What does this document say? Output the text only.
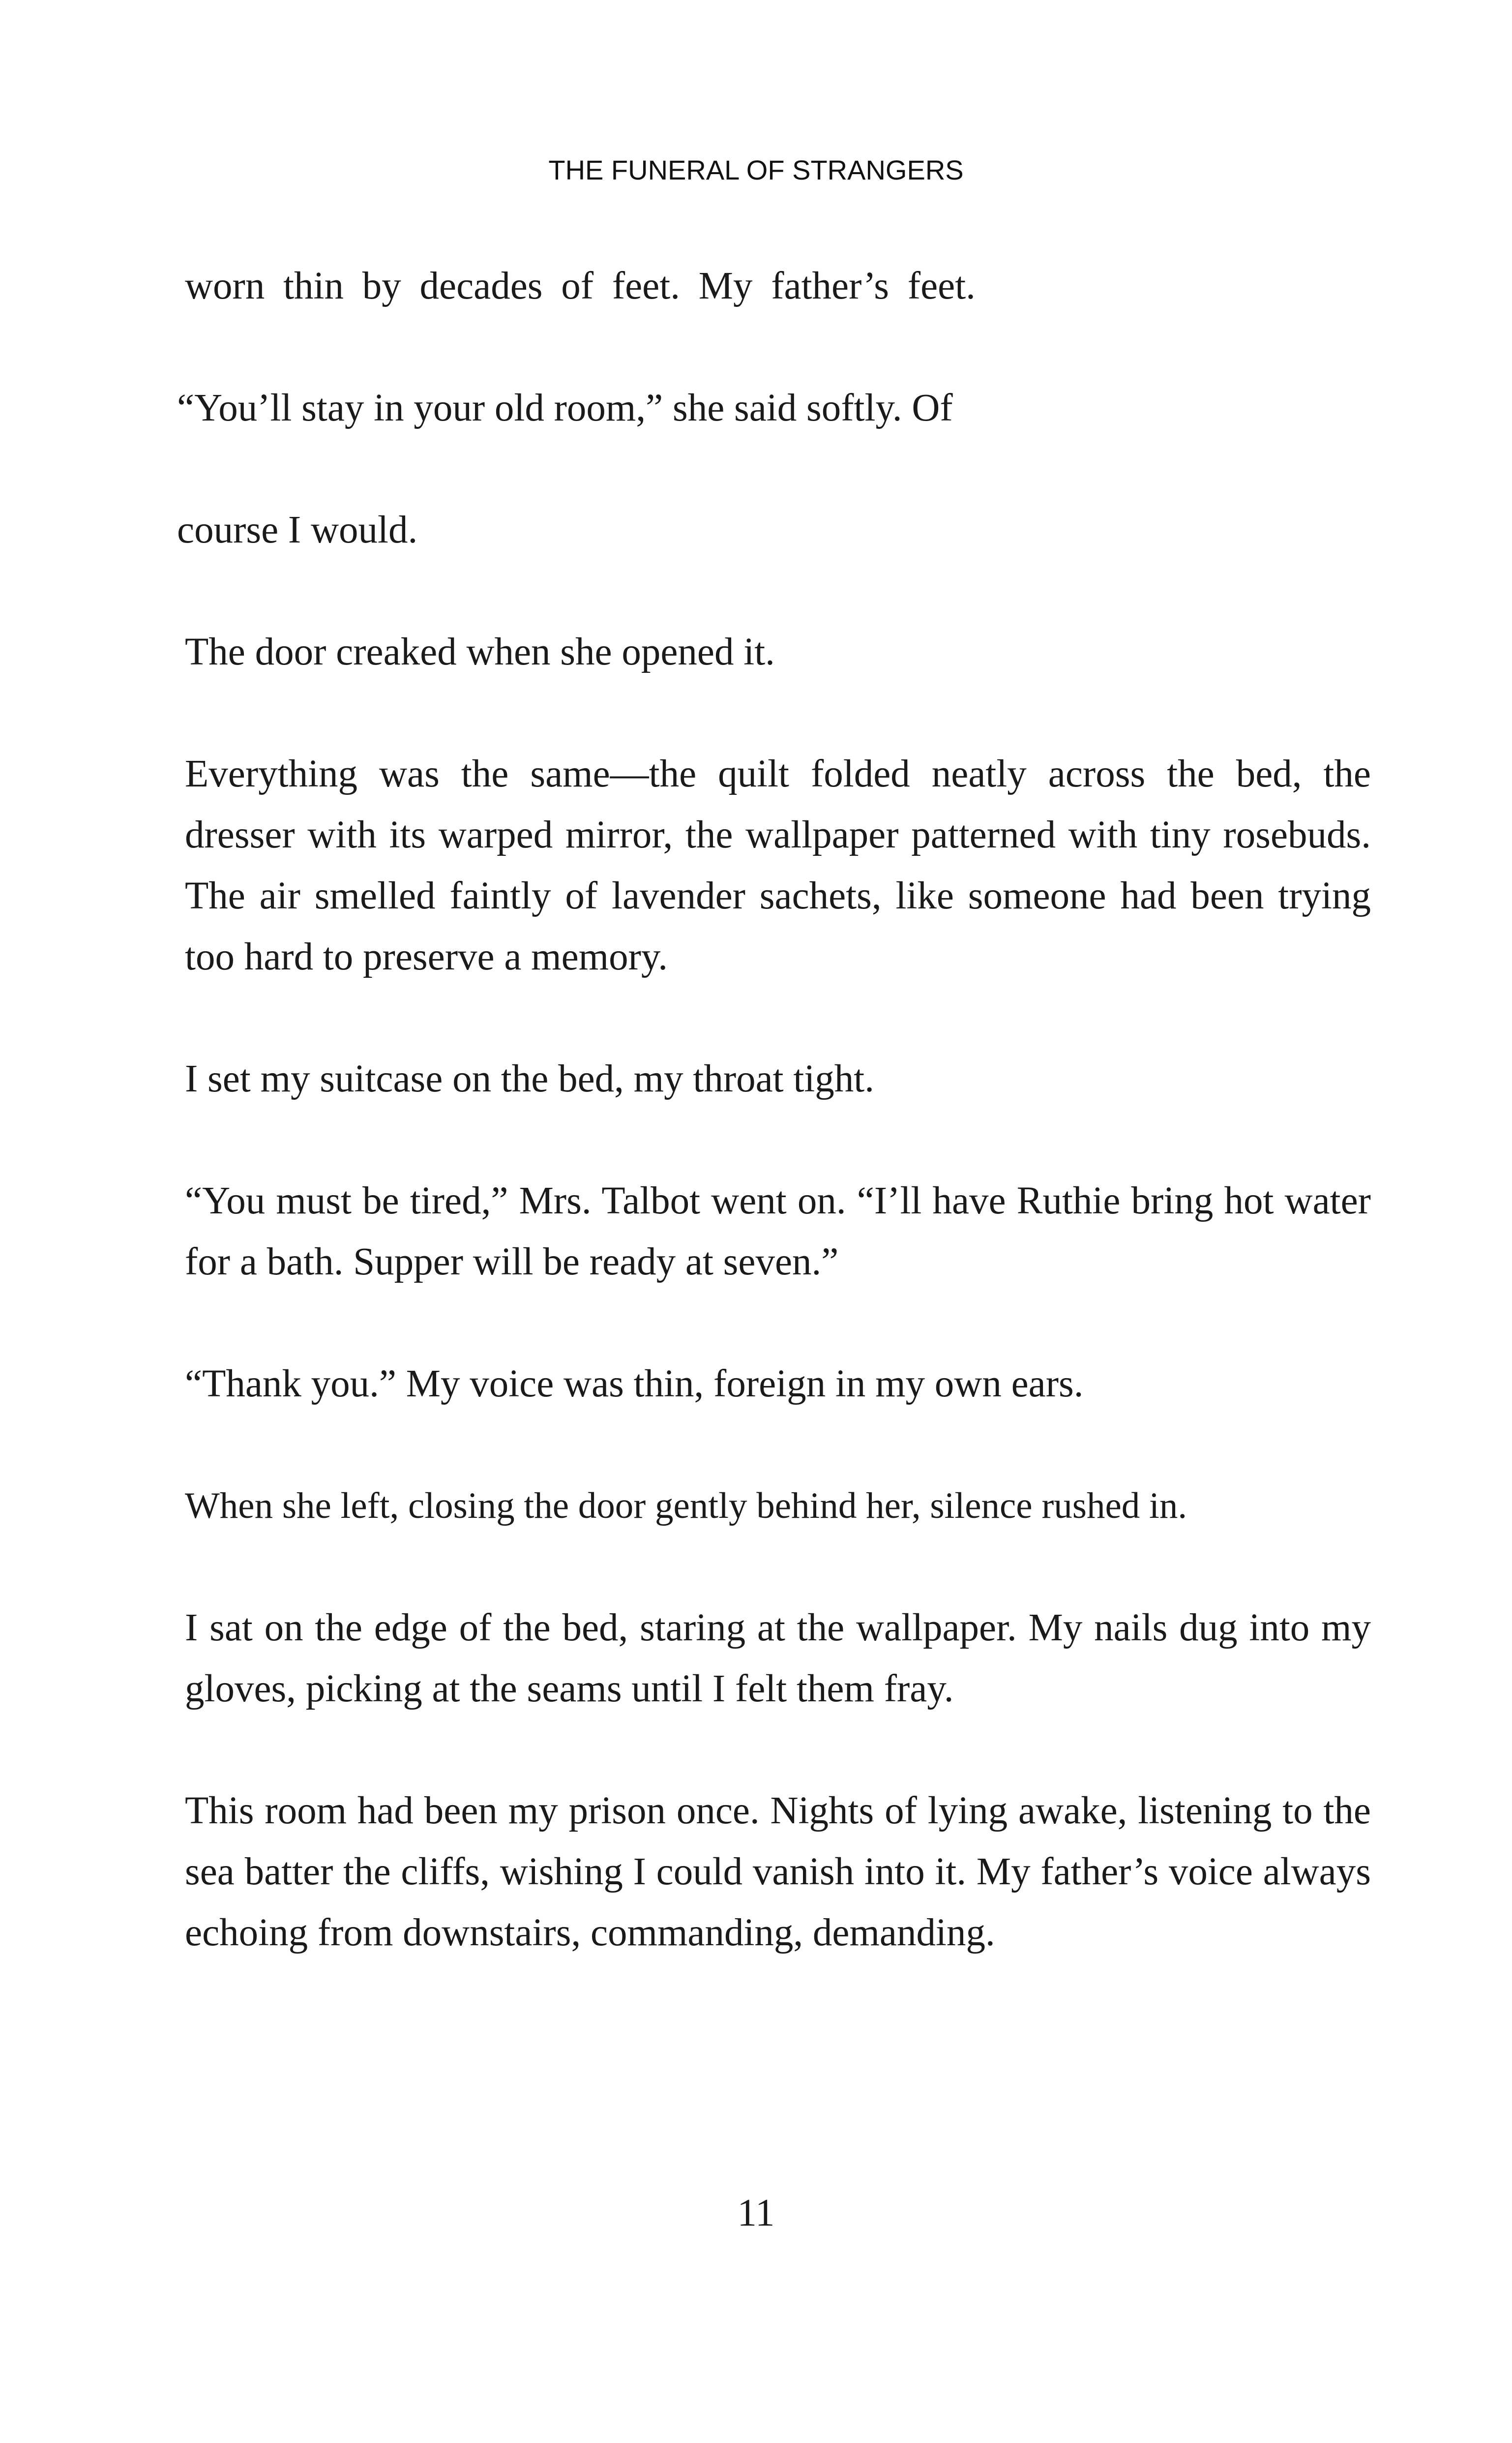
THE FUNERAL OF STRANGERS

worn thin by decades of feet. My father’s feet.

“You’ll stay in your old room,” she said softly. Of

course I would.

The door creaked when she opened it.

Everything was the same—the quilt folded neatly across the bed, the dresser with its warped mirror, the wallpaper patterned with tiny rosebuds. The air smelled faintly of lavender sachets, like someone had been trying too hard to preserve a memory.

I set my suitcase on the bed, my throat tight.

“You must be tired,” Mrs. Talbot went on. “I’ll have Ruthie bring hot water for a bath. Supper will be ready at seven.”

“Thank you.” My voice was thin, foreign in my own ears.

When she left, closing the door gently behind her, silence rushed in.

I sat on the edge of the bed, staring at the wallpaper. My nails dug into my gloves, picking at the seams until I felt them fray.

This room had been my prison once. Nights of lying awake, listening to the sea batter the cliffs, wishing I could vanish into it. My father’s voice always echoing from downstairs, commanding, demanding.

11
